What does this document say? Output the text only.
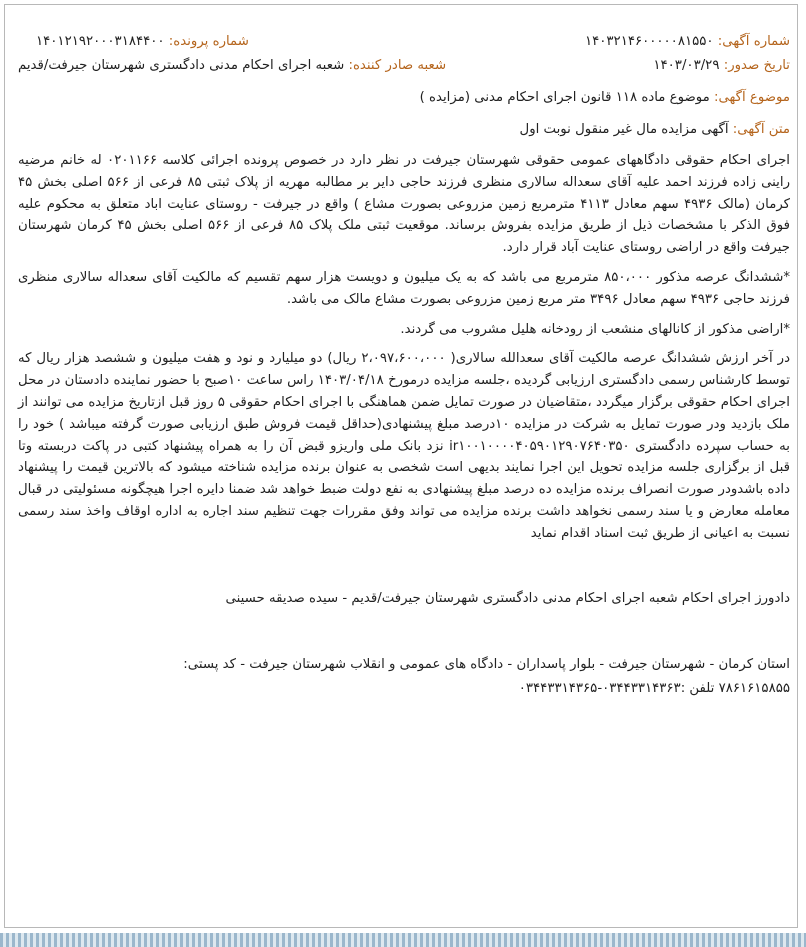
شماره آگهی: ۱۴۰۳۲۱۴۶۰۰۰۰۰۸۱۵۵۰
شماره پرونده: ۱۴۰۱۲۱۹۲۰۰۰۳۱۸۴۴۰۰
تاریخ صدور: ۱۴۰۳/۰۳/۲۹
شعبه صادر کننده: شعبه اجرای احکام مدنی دادگستری شهرستان جیرفت/قدیم
موضوع آگهی: موضوع ماده ۱۱۸ قانون اجرای احکام مدنی (مزایده )
متن آگهی: آگهی مزایده مال غیر منقول نوبت اول

اجرای احکام حقوقی دادگاههای عمومی حقوقی شهرستان جیرفت در نظر دارد در خصوص پرونده اجرائی کلاسه ۰۲۰۱۱۶۶ له خانم مرضیه راینی زاده فرزند احمد علیه آقای سعداله سالاری منظری فرزند حاجی دایر بر مطالبه مهریه از پلاک ثبتی ۸۵ فرعی از ۵۶۶ اصلی بخش ۴۵ کرمان (مالک ۴۹۳۶ سهم معادل ۴۱۱۳ مترمربع زمین مزروعی بصورت مشاع ) واقع در جیرفت - روستای عنایت اباد متعلق به محکوم علیه فوق الذکر با مشخصات ذیل از طریق مزایده بفروش برساند. موقعیت ثبتی ملک پلاک ۸۵ فرعی از ۵۶۶ اصلی بخش ۴۵ کرمان شهرستان جیرفت واقع در اراضی روستای عنایت آباد قرار دارد.

*ششدانگ عرصه مذکور ۸۵۰،۰۰۰ مترمربع می باشد که به یک میلیون و دویست هزار سهم تقسیم که مالکیت آقای سعداله سالاری منظری فرزند حاجی ۴۹۳۶ سهم معادل ۳۴۹۶ متر مربع زمین مزروعی بصورت مشاع مالک می باشد.

*اراضی مذکور از کانالهای منشعب از رودخانه هلیل مشروب می گردند.

در آخر ارزش ششدانگ عرصه مالکیت آقای سعدالله سالاری( ۲،۰۹۷،۶۰۰،۰۰۰ ریال) دو میلیارد و نود و هفت میلیون و ششصد هزار ریال که توسط کارشناس رسمی دادگستری ارزیابی گردیده ،جلسه مزایده درمورخ ۱۴۰۳/۰۴/۱۸ راس ساعت ۱۰صبح با حضور نماینده دادستان در محل اجرای احکام حقوقی برگزار میگردد ،متقاضیان در صورت تمایل ضمن هماهنگی با اجرای احکام حقوقی ۵ روز قبل ازتاریخ مزایده می توانند از ملک بازدید ودر صورت تمایل به شرکت در مزایده ۱۰درصد مبلغ پیشنهادی(حداقل قیمت فروش طبق ارزیابی صورت گرفته میباشد ) خود را به حساب سپرده دادگستری ir۱۰۰۱۰۰۰۰۴۰۵۹۰۱۲۹۰۷۶۴۰۳۵۰ نزد بانک ملی واریزو قبض آن را به همراه پیشنهاد کتبی در پاکت دربسته وتا قبل از برگزاری جلسه مزایده تحویل این اجرا نمایند بدیهی است شخصی به عنوان برنده مزایده شناخته میشود که بالاترین قیمت را پیشنهاد داده باشدودر صورت انصراف برنده مزایده ده درصد مبلغ پیشنهادی به نفع دولت ضبط خواهد شد ضمنا دایره اجرا هیچگونه مسئولیتی در قبال معامله معارض و یا سند رسمی نخواهد داشت برنده مزایده می تواند وفق مقررات جهت تنظیم سند اجاره به اداره اوقاف واخذ سند رسمی نسبت به اعیانی از طریق ثبت اسناد اقدام نماید

دادورز اجرای احکام شعبه اجرای احکام مدنی دادگستری شهرستان جیرفت/قدیم - سیده صدیقه حسینی
استان کرمان - شهرستان جیرفت - بلوار پاسداران - دادگاه های عمومی و انقلاب شهرستان جیرفت - کد پستی:
۷۸۶۱۶۱۵۸۵۵ تلفن :۰۳۴۴۳۳۱۴۳۶۳-۰۳۴۴۳۳۱۴۳۶۵
